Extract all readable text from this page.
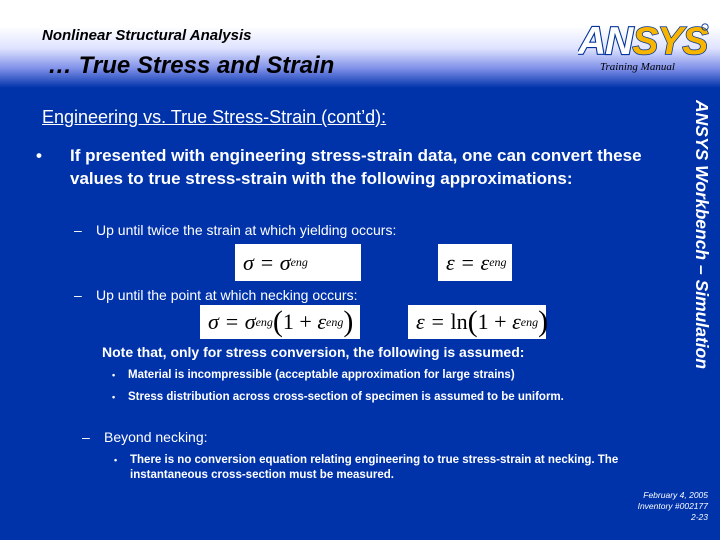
Nonlinear Structural Analysis
… True Stress and Strain
ANSYS
Training Manual
ANSYS Workbench – Simulation
Engineering vs. True Stress-Strain (cont’d):
• If presented with engineering stress-strain data, one can convert these values to true stress-strain with the following approximations:
– Up until twice the strain at which yielding occurs:
σ = σ eng	ε = ε eng
– Up until the point at which necking occurs:
σ = σ eng ( 1 + ε eng )	ε = ln ( 1 + ε eng )
Note that, only for stress conversion, the following is assumed:
• Material is incompressible (acceptable approximation for large strains)
• Stress distribution across cross-section of specimen is assumed to be uniform.
– Beyond necking:
• There is no conversion equation relating engineering to true stress-strain at necking. The instantaneous cross-section must be measured.
February 4, 2005
Inventory #002177
2-23
